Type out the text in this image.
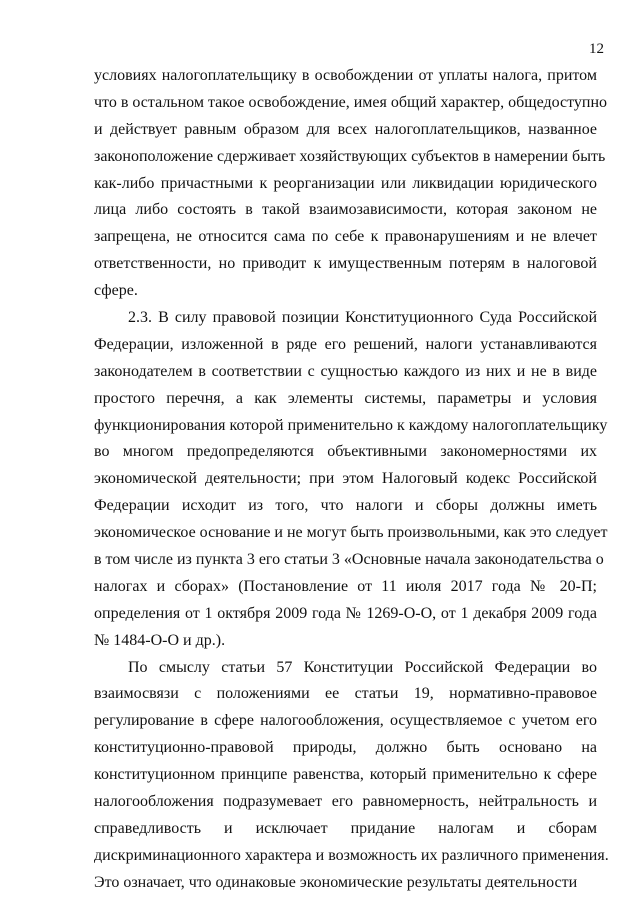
12
условиях налогоплательщику в освобождении от уплаты налога, притом
что в остальном такое освобождение, имея общий характер, общедоступно
и действует равным образом для всех налогоплательщиков, названное
законоположение сдерживает хозяйствующих субъектов в намерении быть
как-либо причастными к реорганизации или ликвидации юридического
лица либо состоять в такой взаимозависимости, которая законом не
запрещена, не относится сама по себе к правонарушениям и не влечет
ответственности, но приводит к имущественным потерям в налоговой
сфере.
2.3. В силу правовой позиции Конституционного Суда Российской
Федерации, изложенной в ряде его решений, налоги устанавливаются
законодателем в соответствии с сущностью каждого из них и не в виде
простого перечня, а как элементы системы, параметры и условия
функционирования которой применительно к каждому налогоплательщику
во многом предопределяются объективными закономерностями их
экономической деятельности; при этом Налоговый кодекс Российской
Федерации исходит из того, что налоги и сборы должны иметь
экономическое основание и не могут быть произвольными, как это следует
в том числе из пункта 3 его статьи 3 «Основные начала законодательства о
налогах и сборах» (Постановление от 11 июля 2017 года № 20-П;
определения от 1 октября 2009 года № 1269-О-О, от 1 декабря 2009 года
№ 1484-О-О и др.).
По смыслу статьи 57 Конституции Российской Федерации во
взаимосвязи с положениями ее статьи 19, нормативно-правовое
регулирование в сфере налогообложения, осуществляемое с учетом его
конституционно-правовой природы, должно быть основано на
конституционном принципе равенства, который применительно к сфере
налогообложения подразумевает его равномерность, нейтральность и
справедливость и исключает придание налогам и сборам
дискриминационного характера и возможность их различного применения.
Это означает, что одинаковые экономические результаты деятельности
